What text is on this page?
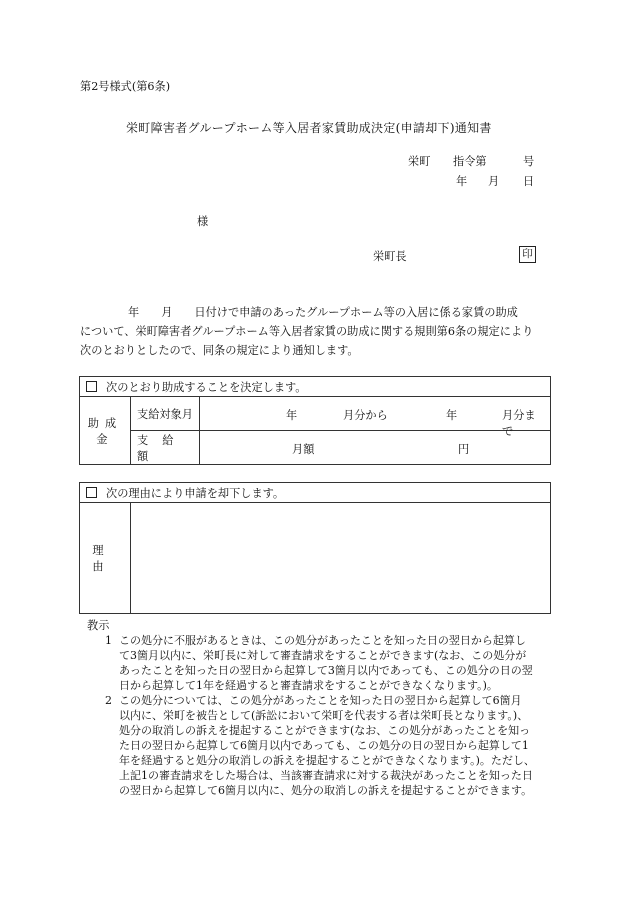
第2号様式(第6条)
栄町障害者グループホーム等入居者家賃助成決定(申請却下)通知書
栄町 指令第	号
年 月 日
様
栄町長	印
年 月 日付けで申請のあったグループホーム等の入居に係る家賃の助成
について、栄町障害者グループホーム等入居者家賃の助成に関する規則第6条の規定により
次のとおりとしたので、同条の規定により通知します。
次のとおり助成することを決定します。		
助成金	支給対象月	年 月分から 年 月分まで

	支給額	月額 円
次の理由により申請を却下します。
理由	
教示
1 この処分に不服があるときは、この処分があったことを知った日の翌日から起算し
て3箇月以内に、栄町長に対して審査請求をすることができます(なお、この処分が
あったことを知った日の翌日から起算して3箇月以内であっても、この処分の日の翌
日から起算して1年を経過すると審査請求をすることができなくなります。)。
2 この処分については、この処分があったことを知った日の翌日から起算して6箇月
以内に、栄町を被告として(訴訟において栄町を代表する者は栄町長となります。)、
処分の取消しの訴えを提起することができます(なお、この処分があったことを知っ
た日の翌日から起算して6箇月以内であっても、この処分の日の翌日から起算して1
年を経過すると処分の取消しの訴えを提起することができなくなります。)。ただし、
上記1の審査請求をした場合は、当該審査請求に対する裁決があったことを知った日
の翌日から起算して6箇月以内に、処分の取消しの訴えを提起することができます。
